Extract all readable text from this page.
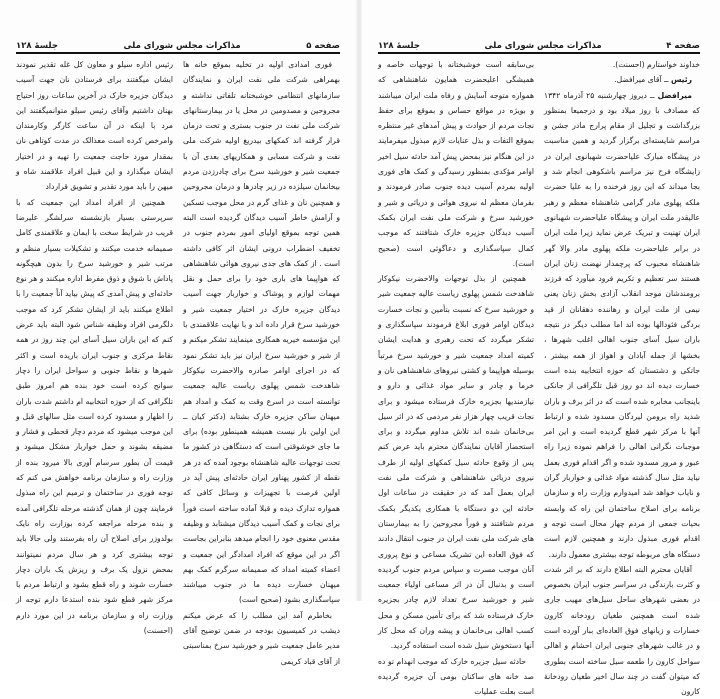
صفحه ۵
مذاکرات مجلس شورای ملی
جلسهٔ ۱۲۸

فوری امدادی اولیه در تخلیه بموقع خانه ها بهمراهی شرکت ملی نفت ایران و نمایندگان سازمانهای انتظامی خوشبختانه تلفاتی نداشته و مجروحین و مصدومین در محل یا در بیمارستانهای شرکت ملی نفت در جنوب بستری و تحت درمان قرار گرفته اند کمکهای بیدریغ اولیه شرکت ملی نفت و شرکت مسابی و همکاریهای بعدی آن با جمعیت شیر و خورشید سرخ برای چادرزدن مردم بیخانمان سیلزده در زیر چادرها و درمان مجروحین و همچنین نان و غذای گرم در محل موجب تسکین و آرامش خاطر آسیب دیدگان گردیده است البته همین توجه بموقع اولیای امور بمردم جنوب در تخفیف اضطراب درونی ایشان اثر کافی داشته است . از کمک های جدی نیروی هوائی شاهنشاهی که هواپیما های باری خود را برای حمل و نقل مهمات لوازم و پوشاک و خواربار جهت آسیب دیدگان جزیره خارک در اختیار جمعیت شیر و خورشید سرخ قرار داده اند و با نهایت علاقمندی با این مؤسسه خیریه همکاری مینمایند تشکر میکنم و از شیر و خورشید سرخ ایران نیز باید تشکر نمود که در اجرای اوامر صادره والاحضرت نیکوکار شاهدخت شمس پهلوی ریاست عالیه جمعیت توانسته است در اسرع وقت به کمک و امداد هم میهنان ساکن جزیره خارک بشتابد (دکتر کیان ــ این اولین بار نیست همیشه همینطور بوده) برای ما جای خوشوقتی است که دستگاهی در کشور ما تحت توجهات عالیه شاهنشاه بوجود آمده که در هر نقطه از کشور پهناور ایران حادثه‌ای پیش آید در اولین فرصت با تجهیزات و وسائل کافی که همواره تدارک دیده و قبلا آماده ساخته است فوراً برای نجات و کمک آسیب دیدگان میشتابد و وظیفه مقدس معنوی خود را انجام میدهد بنابراین بجاست اگر در این موقع که افراد امدادگر این جمعیت و اعضاء کمیته امداد که صمیمانه سرگرم کمک بهم میهنان خسارت دیده ما در جنوب میباشند سپاسگذاری بشود (صحیح است)

بخاطرم آمد این مطلب را که عرض میکنم دیشب در کمیسیون بودجه در ضمن توضیح آقای مدیر عامل جمعیت شیر و خورشید سرخ بمناسبتی از آقای قباد کریمی

رئیس اداره سیلو و معاون کل غله تقدیر نمودند ایشان میگفتند برای فرستادن نان جهت آسیب دیدگان جزیره خارک در آخرین ساعات روز احتیاج بهنان داشتیم وآقای رئیس سیلو متوانمیگفتند این مرد با اینکه در آن ساعت کارگر وکارمندان وامرخص کرده است معذالک در مدت کوتاهی نان بمقدار مورد حاجت جمعیت را تهیه و در اختیار ایشان میگذارد و این قبیل افراد علاقمند شاه و میهن را باید مورد تقدیر و تشویق قرارداد

همچنین از افراد امداد این جمعیت که با سرپرستی بسیار بازنشسته سرلشگر علیرضا قریب در شرایط سخت با ایمان و علاقمندی کامل صمیمانه خدمت میکنند و تشکیلات بسیار منظم و مرتب شیر و خورشید سرخ را بدون هیچگونه پاداش با شوق و ذوق مفرط اداره میکنند و هر نوع حادثه‌ای و پیش آمدی که پیش بیاید آناً جمعیت را با اطلاع میکنند باید از ایشان تشکر کرد که موجب دلگرمی افراد وظیفه شناس شود البته باید عرض کنم که این باران سیل آسای این چند روز در همه نقاط مرکزی و جنوب ایران باریده است و اکثر شهرها و نقاط جنوبی و سواحل ایران را دچار سوانح کرده است خود بنده هم امروز طبق تلگرافی که از حوزه انتخابیه ام داشتم شدت باران را اظهار و مسدود کرده است مثل سالهای قبل و این موجب میشود که مردم دچار قحطی و فشار و مضیقه بشوند و حمل خواربار مشکل میشود و قیمت آن بطور سرسام آوری بالا میرود بنده از وزارت راه و سازمان برنامه خواهش می کنم که توجه فوری در ساختمان و ترمیم این راه مبذول فرمایند چون از همان گذشته مرحله تلگرافی آمده و بنده مرحله مراجعه کرده بوزارت راه نایک بولدوزر برای اصلاح آن راه بفرستند ولی حالا باید توجه بیشتری کرد و هر سال مردم نمیتوانند بمحض نزول یک برف و ریزش یک باران دچار خسارت شوند و راه قطع بشود و ارتباط مردم با مرکز شهر قطع شود بنده استدعا دارم توجه از وزارت راه و سازمان برنامه در این مورد دارم (احسنت)

صفحه ۴
مذاکرات مجلس شورای ملی
جلسهٔ ۱۲۸

خداوند خواستارم (احسنت).

رئیس ــ آقای میرافضل.

میرافضل ــ دیروز چهارشنبه ۲۵ آذرماه ۱۳۴۲ که مصادف با روز میلاد بود و درجمیعا بمنظور بزرگداشت و تجلیل از مقام پرارج مادر جشن و مراسم شایسته‌ای برگزار گردید و همین مناسبت در پیشگاه مبارک علیاحضرت شهبانوی ایران در زایشگاه فرح نیز مراسم باشکوهی انجام شد و بجا میداند که این روز فرخنده را به علیا حضرت ملکه پهلوی مادر گرامی شاهنشاه معظم و رهبر عالیقدر ملت ایران و پیشگاه علیاحضرت شهبانوی ایران تهنیت و تبریک عرض نماید زیرا ملت ایران در برابر علیاحضرت ملکه پهلوی مادر والا گهر شاهنشاه محبوب که پرچمدار نهضت زنان ایران هستند سر تعظیم و تکریم فرود میآورد که فرزند برومندشان موجد انقلاب آزادی بخش زنان یعنی نیمی از ملت ایران و رهاننده دهقانان از قید بردگی فئودالها بوده اند اما مطلب دیگر در نتیجه باران سیل آسای جنوب اهالی اغلب شهرها ، بخشها از جمله آبادان و اهواز از همه بیشتر ، جاتکی و دشتستان که حوزه انتخابیه بنده است خسارت دیده اند دو روز قبل تلگرافی از جانکی باینجانب مخابره شده است که در اثر برف و باران شدید راه برومن لیردگان مسدود شده و ارتباط آنها با مرکز شهر قطع گردیده است و این امر موجبات نگرانی اهالی را فراهم نموده زیرا راه عبور و مرور مسدود شده و اگر اقدام فوری بعمل نیاید مثل سال گذشته مواد غذائی و خواربار گران و نایاب خواهد شد امیدوارم وزارت راه و سازمان برنامه برای اصلاح ساختمان این راه که وابسته بحیات جمعی از مردم چهار محال است توجه و اقدام فوری مبذول دارند و همچنین لازم است دستگاه های مربوطه توجه بیشتری معمول دارند.

آقایان محترم البته اطلاع دارند که بر اثر شدت و کثرت بارندگی در سراسر جنوب ایران بخصوص در بعضی شهرهای ساحل سیل‌های مهیب جاری شده است همچنین طغیان رودخانه کارون خسارات و زیانهای فوق العاده‌ای ببار آورده است و در غالب شهرهای جنوبی ایران احشام و اهالی سواحل کارون را طعمه سیل ساخته است بطوری که میتوان گفت در چند سال اخیر طغیان رودخانهٔ کارون

بی‌سابقه است خوشبختانه با توجهات خاصه و همیشگی اعلیحضرت همایون شاهنشاهی که همواره متوجه آسایش و رفاه ملت ایران میباشند و بویژه در مواقع حساس و بموقع برای حفظ نجات مردم از حوادث و پیش آمدهای غیر منتظره بموقع التفات و بذل عنایات لازم مبذول میفرمایند در این هنگام نیز بمحض پیش آمد حادثه سیل اخیر اوامر مؤکدی بمنظور رسیدگی و کمک های فوری اولیه بمردم آسیب دیده جنوب صادر فرمودند و بفرمان معظم له نیروی هوائی و دریائی و شیر و خورشید سرخ و شرکت ملی نفت ایران بکمک آسیب دیدگان جزیره خارک شتافتند که موجب کمال سپاسگذاری و دعاگوئی است (صحیح است).

همچنین از بذل توجهات والاحضرت نیکوکار شاهدخت شمس پهلوی ریاست عالیه جمعیت شیر و خورشید سرخ که نسبت بتأمین و نجات خسارت دیدگان اوامر فوری ابلاغ فرمودند سپاسگذاری و تشکر میگردد که تحت رهبری و هدایت ایشان کمیته امداد جمعیت شیر و خورشید سرخ مرتباً بوسیله هواپیما و کشتی نیروهای شاهنشاهی نان و خرما و چادر و سایر مواد غذائی و دارو و نیازمندیها بجزیره خارک فرستاده میشود و برای نجات قریب چهار هزار نفر مردمی که در اثر سیل بی‌خانمان شده اند تلاش مداوم میگردد و برای استحضار آقایان نمایندگان محترم باید عرض کنم پس از وقوع حادثه سیل کمکهای اولیه از طرف نیروی دریائی شاهنشاهی و شرکت ملی نفت ایران بعمل آمد که در حقیقت در ساعات اول حادثه این دو دستگاه با همکاری یکدیگر بکمک مردم شتافتند و فوراً مجروحین را به بیمارستان های شرکت ملی نفت ایران در جنوب انتقال دادند که فوق العاده این تشریک مساعی و نوع پروری آنان موجب مسرت و سپاس مردم جنوب گردیده است و بدنبال آن در اثر مساعی اولیاء جمعیت شیر و خورشید سرخ تعداد لازم چادر بجزیره خارک فرستاده شد که برای تأمین مسکن و محل کسب اهالی بی‌خانمان و پیشه وران که محل کار آنها دستخوش سیل شده است استفاده گردید.

حادثه سیل جزیره خارک که موجب انهدام تو ده صد خانه های ساکنان بومی آن جزیره گردیده است بعلت عملیات
